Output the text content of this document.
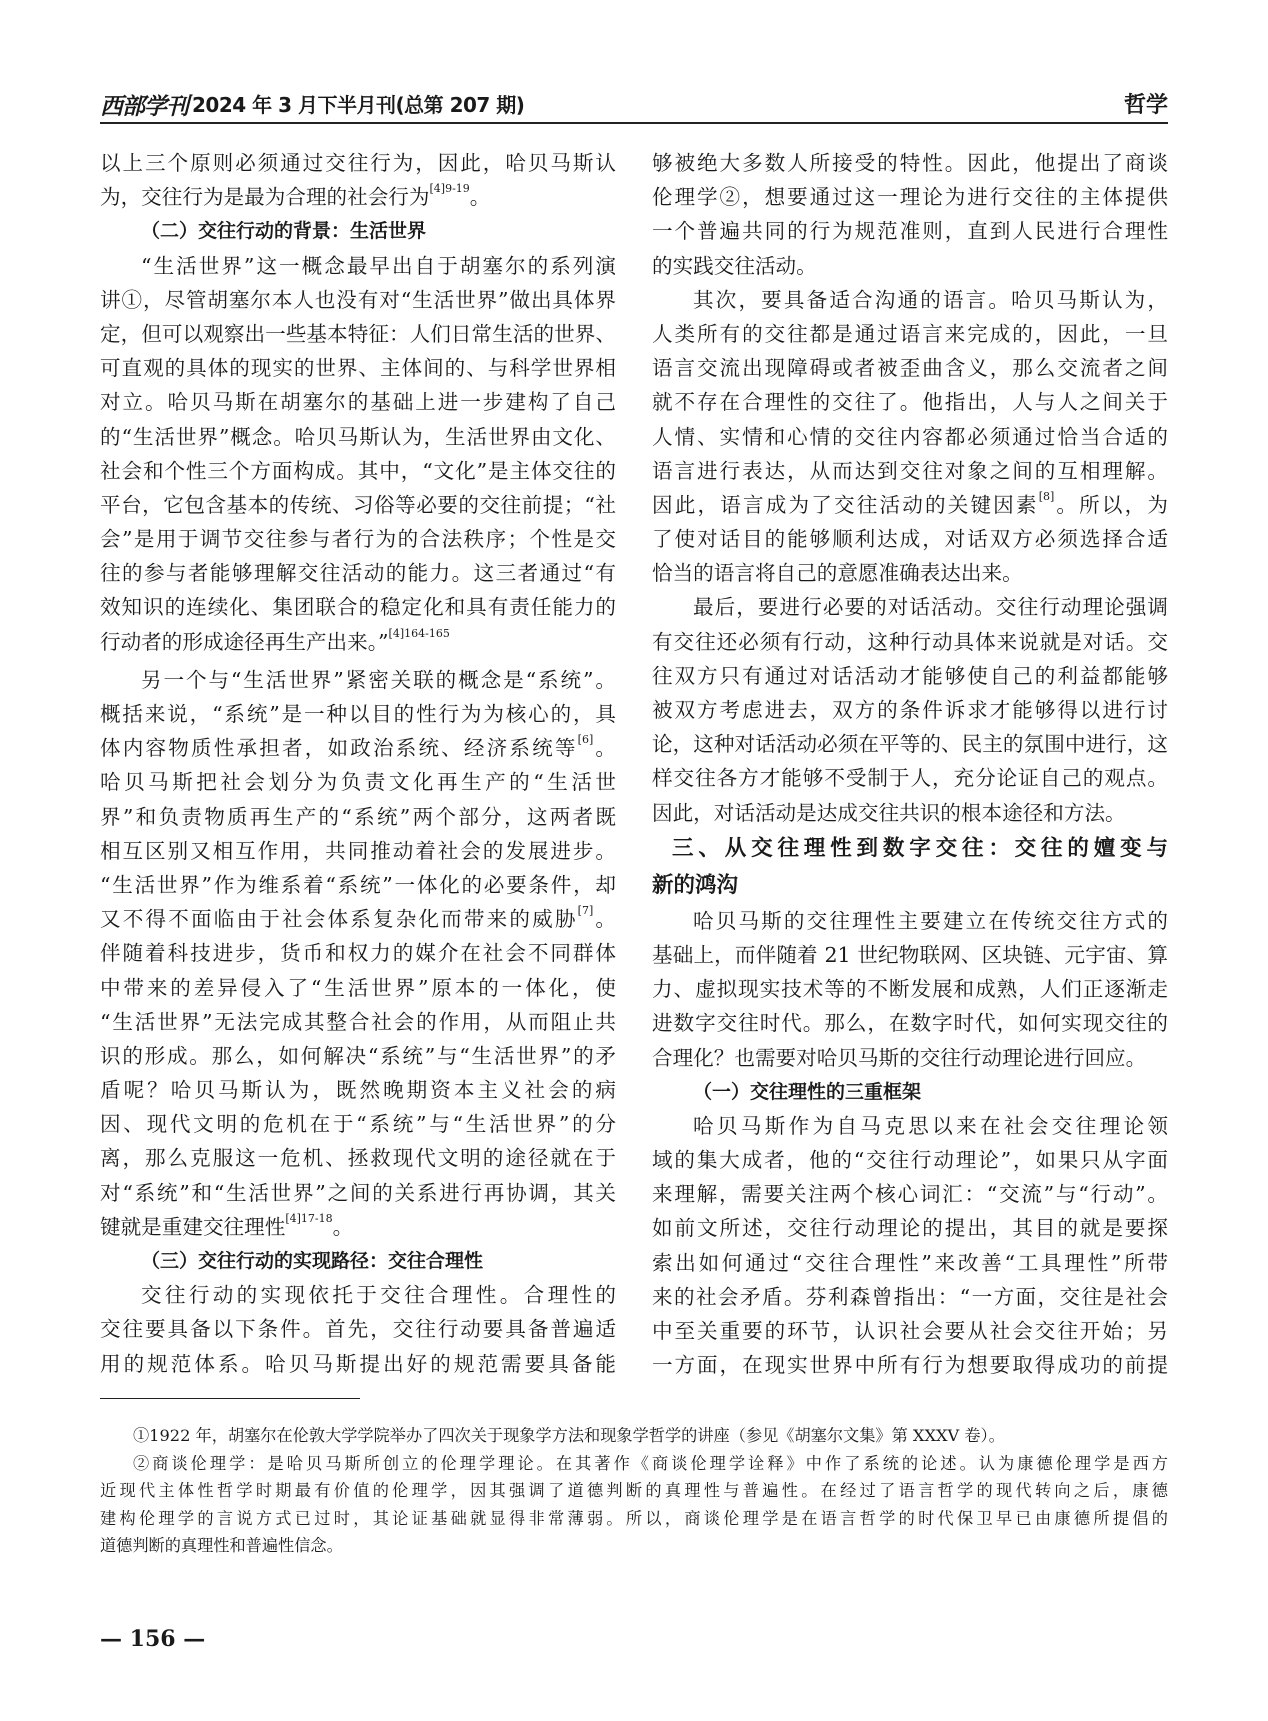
西部学刊 2024 年 3 月下半月刊(总第 207 期)	哲学
以上三个原则必须通过交往行为，因此，哈贝马斯认
为，交往行为是最为合理的社会行为$^{[4]9-19}$。
（二）交往行动的背景：生活世界
“生活世界”这一概念最早出自于胡塞尔的系列演
讲①，尽管胡塞尔本人也没有对“生活世界”做出具体界
定，但可以观察出一些基本特征：人们日常生活的世界、
可直观的具体的现实的世界、主体间的、与科学世界相
对立。哈贝马斯在胡塞尔的基础上进一步建构了自己
的“生活世界”概念。哈贝马斯认为，生活世界由文化、
社会和个性三个方面构成。其中，“文化”是主体交往的
平台，它包含基本的传统、习俗等必要的交往前提；“社
会”是用于调节交往参与者行为的合法秩序；个性是交
往的参与者能够理解交往活动的能力。这三者通过“有
效知识的连续化、集团联合的稳定化和具有责任能力的
行动者的形成途径再生产出来。”$^{[4]164-165}$
另一个与“生活世界”紧密关联的概念是“系统”。
概括来说，“系统”是一种以目的性行为为核心的，具
体内容物质性承担者，如政治系统、经济系统等[6]。
哈贝马斯把社会划分为负责文化再生产的“生活世
界”和负责物质再生产的“系统”两个部分，这两者既
相互区别又相互作用，共同推动着社会的发展进步。
“生活世界”作为维系着“系统”一体化的必要条件，却
又不得不面临由于社会体系复杂化而带来的威胁[7]。
伴随着科技进步，货币和权力的媒介在社会不同群体
中带来的差异侵入了“生活世界”原本的一体化，使
“生活世界”无法完成其整合社会的作用，从而阻止共
识的形成。那么，如何解决“系统”与“生活世界”的矛
盾呢？哈贝马斯认为，既然晚期资本主义社会的病
因、现代文明的危机在于“系统”与“生活世界”的分
离，那么克服这一危机、拯救现代文明的途径就在于
对“系统”和“生活世界”之间的关系进行再协调，其关
键就是重建交往理性$^{[4]17-18}$。
（三）交往行动的实现路径：交往合理性
交往行动的实现依托于交往合理性。合理性的
交往要具备以下条件。首先，交往行动要具备普遍适
用的规范体系。哈贝马斯提出好的规范需要具备能
够被绝大多数人所接受的特性。因此，他提出了商谈
伦理学②，想要通过这一理论为进行交往的主体提供
一个普遍共同的行为规范准则，直到人民进行合理性
的实践交往活动。
其次，要具备适合沟通的语言。哈贝马斯认为，
人类所有的交往都是通过语言来完成的，因此，一旦
语言交流出现障碍或者被歪曲含义，那么交流者之间
就不存在合理性的交往了。他指出，人与人之间关于
人情、实情和心情的交往内容都必须通过恰当合适的
语言进行表达，从而达到交往对象之间的互相理解。
因此，语言成为了交往活动的关键因素[8]。所以，为
了使对话目的能够顺利达成，对话双方必须选择合适
恰当的语言将自己的意愿准确表达出来。
最后，要进行必要的对话活动。交往行动理论强调
有交往还必须有行动，这种行动具体来说就是对话。交
往双方只有通过对话活动才能够使自己的利益都能够
被双方考虑进去，双方的条件诉求才能够得以进行讨
论，这种对话活动必须在平等的、民主的氛围中进行，这
样交往各方才能够不受制于人，充分论证自己的观点。
因此，对话活动是达成交往共识的根本途径和方法。
三、从交往理性到数字交往：交往的嬗变与
新的鸿沟
哈贝马斯的交往理性主要建立在传统交往方式的
基础上，而伴随着 21 世纪物联网、区块链、元宇宙、算
力、虚拟现实技术等的不断发展和成熟，人们正逐渐走
进数字交往时代。那么，在数字时代，如何实现交往的
合理化？也需要对哈贝马斯的交往行动理论进行回应。
（一）交往理性的三重框架
哈贝马斯作为自马克思以来在社会交往理论领
域的集大成者，他的“交往行动理论”，如果只从字面
来理解，需要关注两个核心词汇：“交流”与“行动”。
如前文所述，交往行动理论的提出，其目的就是要探
索出如何通过“交往合理性”来改善“工具理性”所带
来的社会矛盾。芬利森曾指出：“一方面，交往是社会
中至关重要的环节，认识社会要从社会交往开始；另
一方面，在现实世界中所有行为想要取得成功的前提
①1922 年，胡塞尔在伦敦大学学院举办了四次关于现象学方法和现象学哲学的讲座（参见《胡塞尔文集》第 XXXV 卷）。
②商谈伦理学：是哈贝马斯所创立的伦理学理论。在其著作《商谈伦理学诠释》中作了系统的论述。认为康德伦理学是西方
近现代主体性哲学时期最有价值的伦理学，因其强调了道德判断的真理性与普遍性。在经过了语言哲学的现代转向之后，康德
建构伦理学的言说方式已过时，其论证基础就显得非常薄弱。所以，商谈伦理学是在语言哲学的时代保卫早已由康德所提倡的
道德判断的真理性和普遍性信念。
— 156 —
